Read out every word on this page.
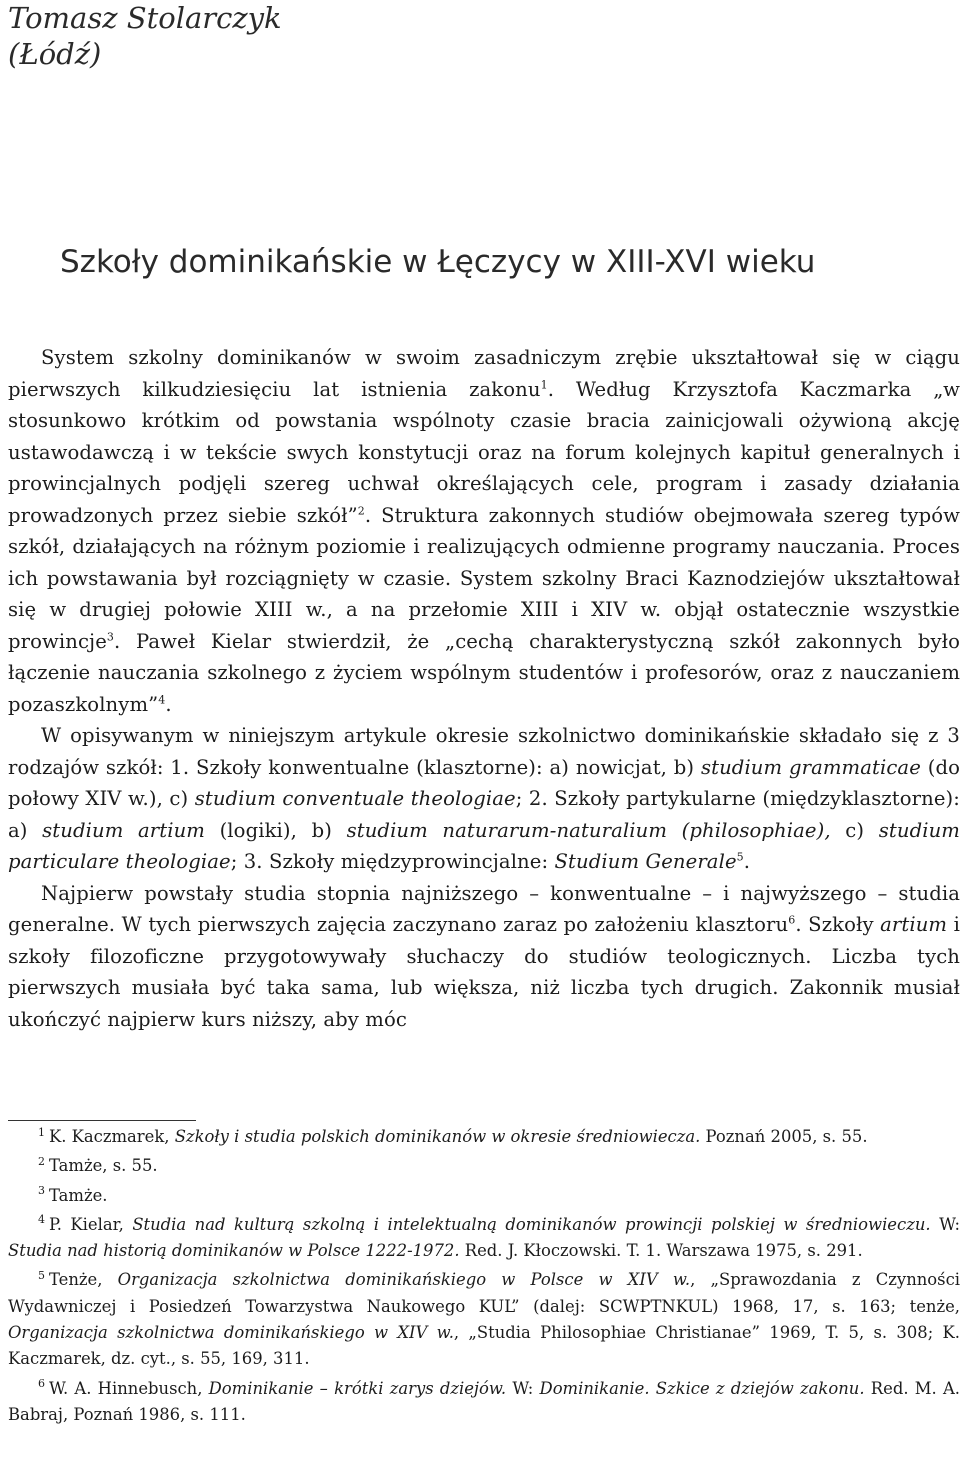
Tomasz Stolarczyk
(Łódź)
Szkoły dominikańskie w Łęczycy w XIII-XVI wieku

System szkolny dominikanów w swoim zasadniczym zrębie ukształtował się w ciągu pierwszych kilkudziesięciu lat istnienia zakonu$^1$. Według Krzysztofa Kaczmarka „w stosunkowo krótkim od powstania wspólnoty czasie bracia zainicjowali ożywioną akcję ustawodawczą i w tekście swych konstytucji oraz na forum kolejnych kapituł generalnych i prowincjalnych podjęli szereg uchwał określających cele, program i zasady działania prowadzonych przez siebie szkół”$^2$. Struktura zakonnych studiów obejmowała szereg typów szkół, działających na różnym poziomie i realizujących odmienne programy nauczania. Proces ich powstawania był rozciągnięty w czasie. System szkolny Braci Kaznodziejów ukształtował się w drugiej połowie XIII w., a na przełomie XIII i XIV w. objął ostatecznie wszystkie prowincje$^3$. Paweł Kielar stwierdził, że „cechą charakterystyczną szkół zakonnych było łączenie nauczania szkolnego z życiem wspólnym studentów i profesorów, oraz z nauczaniem pozaszkolnym”$^4$.

W opisywanym w niniejszym artykule okresie szkolnictwo dominikańskie składało się z 3 rodzajów szkół: 1. Szkoły konwentualne (klasztorne): a) nowicjat, b) studium grammaticae (do połowy XIV w.), c) studium conventuale theologiae; 2. Szkoły partykularne (międzyklasztorne): a) studium artium (logiki), b) studium naturarum-naturalium (philosophiae), c) studium particulare theologiae; 3. Szkoły międzyprowincjalne: Studium Generale$^5$.

Najpierw powstały studia stopnia najniższego – konwentualne – i najwyższego – studia generalne. W tych pierwszych zajęcia zaczynano zaraz po założeniu klasztoru$^6$. Szkoły artium i szkoły filozoficzne przygotowywały słuchaczy do studiów teologicznych. Liczba tych pierwszych musiała być taka sama, lub większa, niż liczba tych drugich. Zakonnik musiał ukończyć najpierw kurs niższy, aby móc

$^1$ K. Kaczmarek, Szkoły i studia polskich dominikanów w okresie średniowiecza. Poznań 2005, s. 55.

$^2$ Tamże, s. 55.

$^3$ Tamże.

$^4$ P. Kielar, Studia nad kulturą szkolną i intelektualną dominikanów prowincji polskiej w średniowieczu. W: Studia nad historią dominikanów w Polsce 1222-1972. Red. J. Kłoczowski. T. 1. Warszawa 1975, s. 291.

$^5$ Tenże, Organizacja szkolnictwa dominikańskiego w Polsce w XIV w., „Sprawozdania z Czynności Wydawniczej i Posiedzeń Towarzystwa Naukowego KUL” (dalej: SCWPTNKUL) 1968, 17, s. 163; tenże, Organizacja szkolnictwa dominikańskiego w XIV w., „Studia Philosophiae Christianae” 1969, T. 5, s. 308; K. Kaczmarek, dz. cyt., s. 55, 169, 311.

$^6$ W. A. Hinnebusch, Dominikanie – krótki zarys dziejów. W: Dominikanie. Szkice z dziejów zakonu. Red. M. A. Babraj, Poznań 1986, s. 111.
